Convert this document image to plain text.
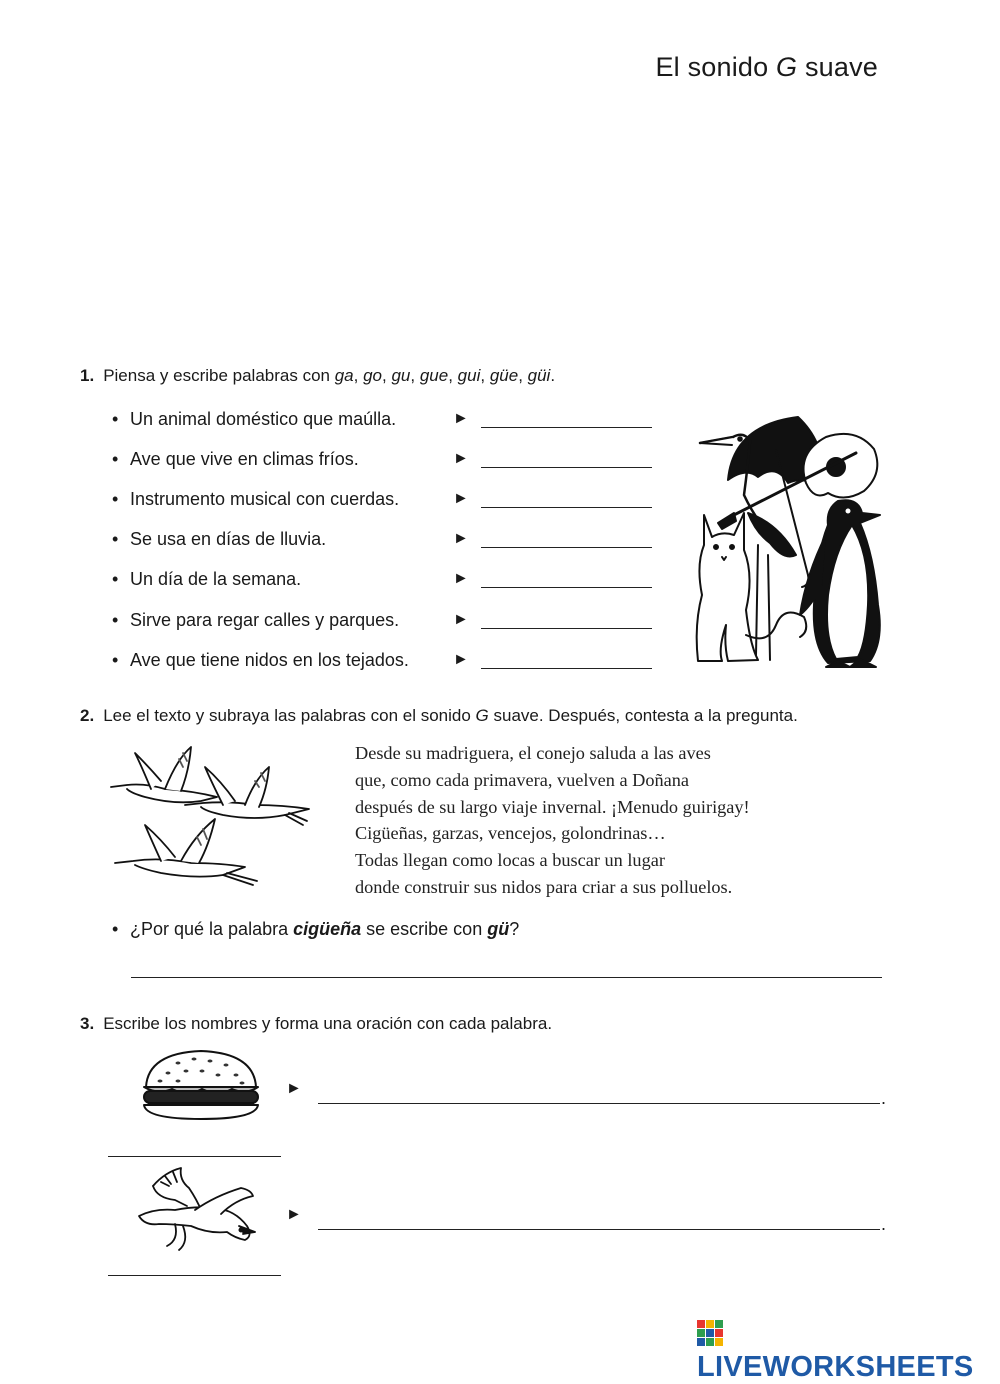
El sonido G suave
1. Piensa y escribe palabras con ga, go, gu, gue, gui, güe, güi.
• Un animal doméstico que maúlla.	►
• Ave que vive en climas fríos.	►
• Instrumento musical con cuerdas.	►
• Se usa en días de lluvia.	►
• Un día de la semana.	►
• Sirve para regar calles y parques.	►
• Ave que tiene nidos en los tejados.	►
2. Lee el texto y subraya las palabras con el sonido G suave. Después, contesta a la pregunta.
Desde su madriguera, el conejo saluda a las aves
que, como cada primavera, vuelven a Doñana
después de su largo viaje invernal. ¡Menudo guirigay!
Cigüeñas, garzas, vencejos, golondrinas…
Todas llegan como locas a buscar un lugar
donde construir sus nidos para criar a sus polluelos.
• ¿Por qué la palabra cigüeña se escribe con gü?
3. Escribe los nombres y forma una oración con cada palabra.
►	.
►	.
LIVEWORKSHEETS
